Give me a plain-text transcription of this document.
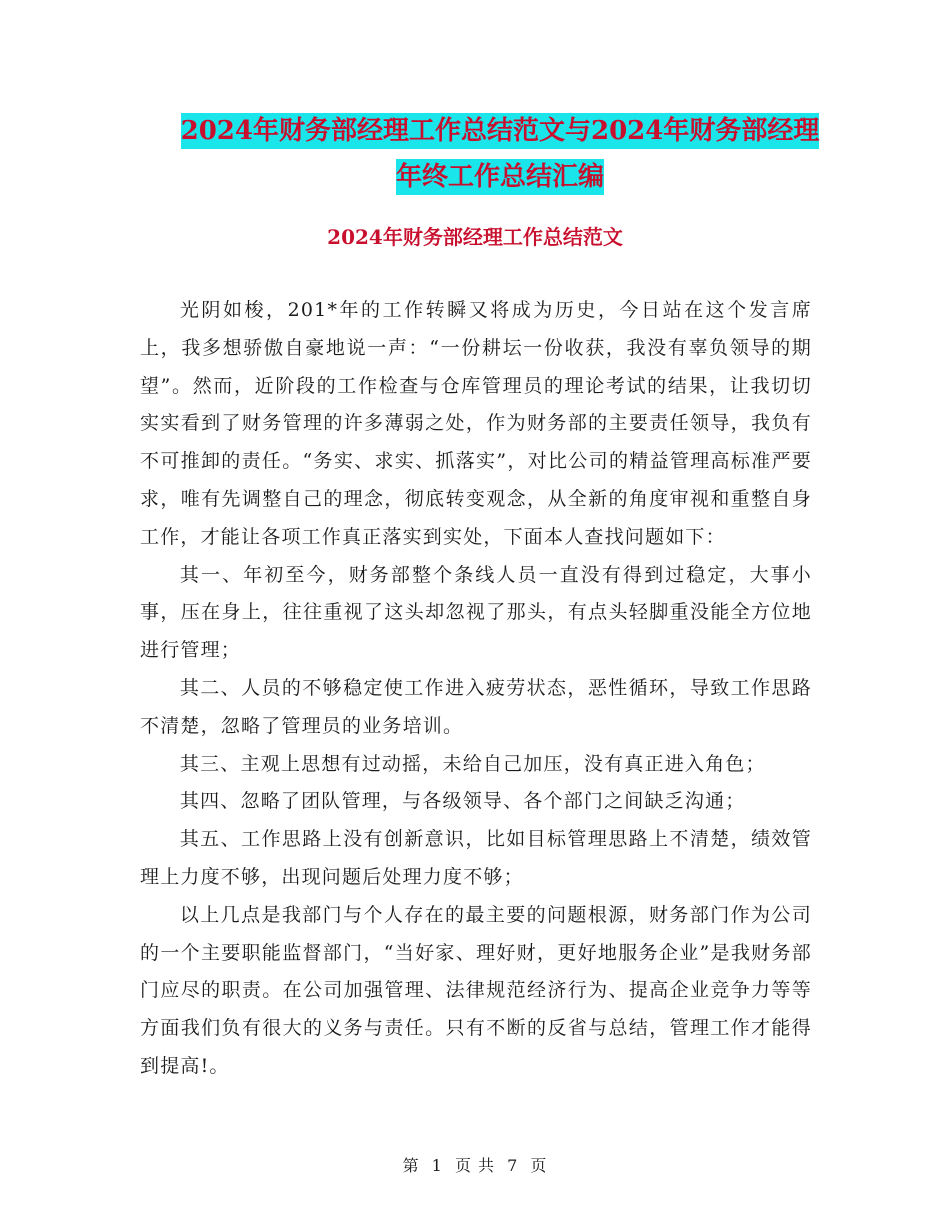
2024年财务部经理工作总结范文与2024年财务部经理
年终工作总结汇编
2024年财务部经理工作总结范文

光阴如梭，201*年的工作转瞬又将成为历史，今日站在这个发言席上，我多想骄傲自豪地说一声：“一份耕坛一份收获，我没有辜负领导的期望”。然而，近阶段的工作检查与仓库管理员的理论考试的结果，让我切切实实看到了财务管理的许多薄弱之处，作为财务部的主要责任领导，我负有不可推卸的责任。“务实、求实、抓落实”，对比公司的精益管理高标准严要求，唯有先调整自己的理念，彻底转变观念，从全新的角度审视和重整自身工作，才能让各项工作真正落实到实处，下面本人查找问题如下：

其一、年初至今，财务部整个条线人员一直没有得到过稳定，大事小事，压在身上，往往重视了这头却忽视了那头，有点头轻脚重没能全方位地进行管理；

其二、人员的不够稳定使工作进入疲劳状态，恶性循环，导致工作思路不清楚，忽略了管理员的业务培训。

其三、主观上思想有过动摇，未给自己加压，没有真正进入角色；

其四、忽略了团队管理，与各级领导、各个部门之间缺乏沟通；

其五、工作思路上没有创新意识，比如目标管理思路上不清楚，绩效管理上力度不够，出现问题后处理力度不够；

以上几点是我部门与个人存在的最主要的问题根源，财务部门作为公司的一个主要职能监督部门，“当好家、理好财，更好地服务企业”是我财务部门应尽的职责。在公司加强管理、法律规范经济行为、提高企业竞争力等等方面我们负有很大的义务与责任。只有不断的反省与总结，管理工作才能得到提高!。

第 1 页 共 7 页
